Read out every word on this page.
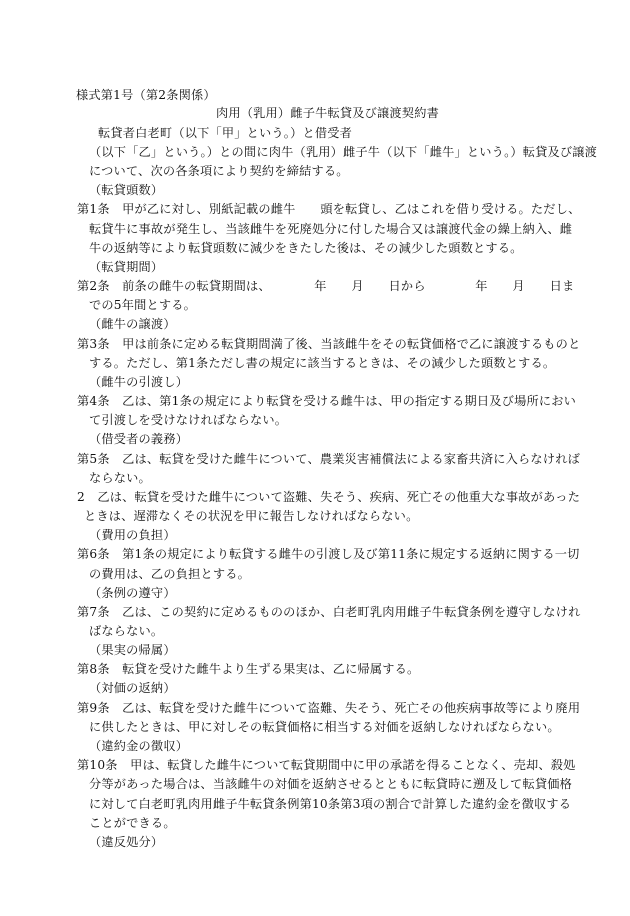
様式第1号（第2条関係）
肉用（乳用）雌子牛転貸及び譲渡契約書
転貸者白老町（以下「甲」という。）と借受者
（以下「乙」という。）との間に肉牛（乳用）雌子牛（以下「雌牛」という。）転貸及び譲渡
について、次の各条項により契約を締結する。
（転貸頭数）
第1条　甲が乙に対し、別紙記載の雌牛　　頭を転貸し、乙はこれを借り受ける。ただし、
転貸牛に事故が発生し、当該雌牛を死廃処分に付した場合又は譲渡代金の繰上納入、雌
牛の返納等により転貸頭数に減少をきたした後は、その減少した頭数とする。
（転貸期間）
第2条　前条の雌牛の転貸期間は、　　　　年　　月　　日から　　　　年　　月　　日ま
での5年間とする。
（雌牛の譲渡）
第3条　甲は前条に定める転貸期間満了後、当該雌牛をその転貸価格で乙に譲渡するものと
する。ただし、第1条ただし書の規定に該当するときは、その減少した頭数とする。
（雌牛の引渡し）
第4条　乙は、第1条の規定により転貸を受ける雌牛は、甲の指定する期日及び場所におい
て引渡しを受けなければならない。
（借受者の義務）
第5条　乙は、転貸を受けた雌牛について、農業災害補償法による家畜共済に入らなければ
ならない。
2　乙は、転貸を受けた雌牛について盗難、失そう、疾病、死亡その他重大な事故があった
ときは、遅滞なくその状況を甲に報告しなければならない。
（費用の負担）
第6条　第1条の規定により転貸する雌牛の引渡し及び第11条に規定する返納に関する一切
の費用は、乙の負担とする。
（条例の遵守）
第7条　乙は、この契約に定めるもののほか、白老町乳肉用雌子牛転貸条例を遵守しなけれ
ばならない。
（果実の帰属）
第8条　転貸を受けた雌牛より生ずる果実は、乙に帰属する。
（対価の返納）
第9条　乙は、転貸を受けた雌牛について盗難、失そう、死亡その他疾病事故等により廃用
に供したときは、甲に対しその転貸価格に相当する対価を返納しなければならない。
（違約金の徴収）
第10条　甲は、転貸した雌牛について転貸期間中に甲の承諾を得ることなく、売却、殺処
分等があった場合は、当該雌牛の対価を返納させるとともに転貸時に遡及して転貸価格
に対して白老町乳肉用雌子牛転貸条例第10条第3項の割合で計算した違約金を徴収する
ことができる。
（違反処分）
